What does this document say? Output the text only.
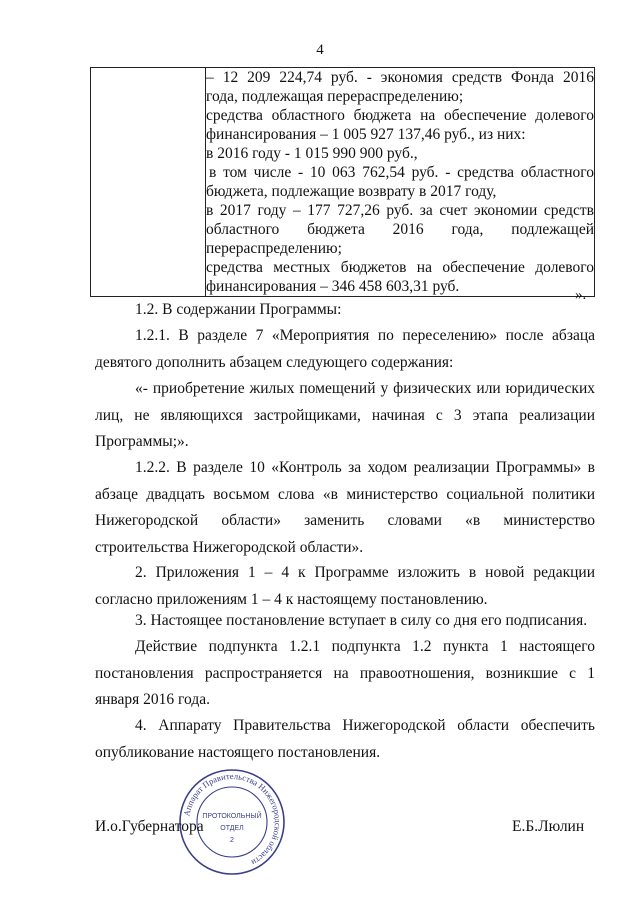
4

– 12 209 224,74 руб. - экономия средств Фонда 2016
года, подлежащая перераспределению;
средства областного бюджета на обеспечение долевого
финансирования – 1 005 927 137,46 руб., из них:
в 2016 году - 1 015 990 900 руб.,
в том числе - 10 063 762,54 руб. - средства областного
бюджета, подлежащие возврату в 2017 году,
в 2017 году – 177 727,26 руб. за счет экономии средств
областного бюджета 2016 года, подлежащей
перераспределению;
средства местных бюджетов на обеспечение долевого
финансирования – 346 458 603,31 руб.	».

1.2. В содержании Программы:

1.2.1. В разделе 7 «Мероприятия по переселению» после абзаца девятого дополнить абзацем следующего содержания:

«- приобретение жилых помещений у физических или юридических лиц, не являющихся застройщиками, начиная с 3 этапа реализации Программы;».

1.2.2. В разделе 10 «Контроль за ходом реализации Программы» в абзаце двадцать восьмом слова «в министерство социальной политики Нижегородской области» заменить словами «в министерство строительства Нижегородской области».

2. Приложения 1 – 4 к Программе изложить в новой редакции согласно приложениям 1 – 4 к настоящему постановлению.

3. Настоящее постановление вступает в силу со дня его подписания.

Действие подпункта 1.2.1 подпункта 1.2 пункта 1 настоящего постановления распространяется на правоотношения, возникшие с 1 января 2016 года.

4. Аппарату Правительства Нижегородской области обеспечить опубликование настоящего постановления.

Аппарат Правительства Нижегородской области
ПРОТОКОЛЬНЫЙ
ОТДЕЛ
2
И.о.Губернатора	Е.Б.Люлин
